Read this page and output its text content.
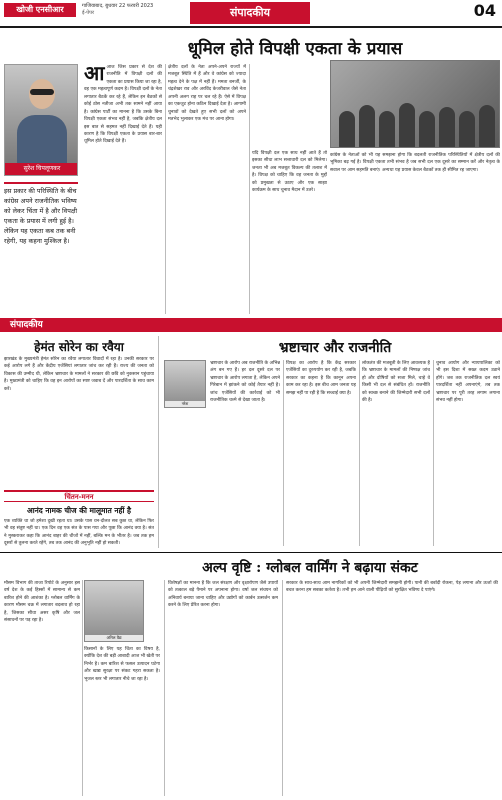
खोजी एनसीआर	गाजियाबाद, बुधवार 22 फरवरी 2023
ई-पेपर	संपादकीय	04
धूमिल होते विपक्षी एकता के प्रयास
सुरेश चिपलूणकर
इस प्रकार की परिस्थिति के बीच कांग्रेस अपने राजनीतिक भविष्य को लेकर चिंता में है और विपक्षी एकता के प्रयास में लगी हुई है। लेकिन यह एकता कब तक बनी रहेगी, यह कहना मुश्किल है।
आआज जिस प्रकार से देश की राजनीति में विपक्षी दलों की एकता का प्रयास किया जा रहा है, वह एक महत्वपूर्ण कदम है। विपक्षी दलों के नेता लगातार बैठकें कर रहे हैं, लेकिन इन बैठकों से कोई ठोस नतीजा अभी तक सामने नहीं आया है। कांग्रेस पार्टी का मानना है कि उसके बिना विपक्षी एकता संभव नहीं है, जबकि क्षेत्रीय दल इस बात से सहमत नहीं दिखाई देते हैं। यही कारण है कि विपक्षी एकता के प्रयास बार-बार धूमिल होते दिखाई देते हैं।
क्षेत्रीय दलों के नेता अपने-अपने राज्यों में मजबूत स्थिति में हैं और वे कांग्रेस को ज्यादा महत्व देने के पक्ष में नहीं हैं। ममता बनर्जी, के चंद्रशेखर राव और अरविंद केजरीवाल जैसे नेता अपनी अलग राह पर चल रहे हैं। ऐसे में विपक्ष का एकजुट होना कठिन दिखाई देता है। आगामी चुनावों को देखते हुए सभी दलों को अपने मतभेद भुलाकर एक मंच पर आना होगा।
यदि विपक्षी दल एक साथ नहीं आते हैं तो इसका सीधा लाभ सत्ताधारी दल को मिलेगा। जनता भी अब मजबूत विकल्प की तलाश में है। विपक्ष को चाहिए कि वह जनता के मुद्दों को प्रमुखता से उठाए और एक साझा कार्यक्रम के साथ चुनाव मैदान में उतरे।
कांग्रेस के नेताओं को भी यह समझना होगा कि बदलती राजनीतिक परिस्थितियों में क्षेत्रीय दलों की भूमिका बढ़ गई है। विपक्षी एकता तभी संभव है जब सभी दल एक दूसरे का सम्मान करें और नेतृत्व के सवाल पर आम सहमति बनाएं। अन्यथा यह प्रयास केवल बैठकों तक ही सीमित रह जाएगा।
संपादकीय
हेमंत सोरेन का रवैया
झारखंड के मुख्यमंत्री हेमंत सोरेन का रवैया लगातार विवादों में रहा है। उनकी सरकार पर कई आरोप लगे हैं और केंद्रीय एजेंसियां लगातार जांच कर रही हैं। राज्य की जनता को विकास की उम्मीद थी, लेकिन भ्रष्टाचार के मामलों ने सरकार की छवि को नुकसान पहुंचाया है। मुख्यमंत्री को चाहिए कि वह इन आरोपों का स्पष्ट जवाब दें और पारदर्शिता के साथ काम करें।
चिंतन-मनन
आनंद नामक चीज की मालूमात नहीं है
एक व्यक्ति था जो हमेशा दुखी रहता था। उसके पास धन-दौलत सब कुछ था, लेकिन फिर भी वह संतुष्ट नहीं था। एक दिन वह एक संत के पास गया और पूछा कि आनंद क्या है। संत ने मुस्कराकर कहा कि आनंद बाहर की चीजों में नहीं, बल्कि मन के भीतर है। जब तक हम दूसरों से तुलना करते रहेंगे, तब तक आनंद की अनुभूति नहीं हो सकती।
भ्रष्टाचार और राजनीति
नरेश
भ्रष्टाचार के आरोप अब राजनीति के अभिन्न अंग बन गए हैं। हर दल दूसरे दल पर भ्रष्टाचार के आरोप लगाता है, लेकिन अपने गिरेबान में झांकने को कोई तैयार नहीं है। जांच एजेंसियों की कार्रवाई को भी राजनीतिक चश्मे से देखा जाता है।
विपक्ष का आरोप है कि केंद्र सरकार एजेंसियों का दुरुपयोग कर रही है, जबकि सरकार का कहना है कि कानून अपना काम कर रहा है। इस बीच आम जनता यह समझ नहीं पा रही है कि सच्चाई क्या है।
लोकतंत्र की मजबूती के लिए आवश्यक है कि भ्रष्टाचार के मामलों की निष्पक्ष जांच हो और दोषियों को सजा मिले, चाहे वे किसी भी दल से संबंधित हों। राजनीति को स्वच्छ बनाने की जिम्मेदारी सभी दलों की है।
चुनाव आयोग और न्यायपालिका को भी इस दिशा में सख्त कदम उठाने होंगे। जब तक राजनीतिक दल स्वयं पारदर्शिता नहीं अपनाएंगे, तब तक भ्रष्टाचार पर पूरी तरह लगाम लगाना संभव नहीं होगा।
अल्प वृष्टि : ग्लोबल वार्मिंग ने बढ़ाया संकट
अनिल वैद्य
मौसम विभाग की ताजा रिपोर्ट के अनुसार इस वर्ष देश के कई हिस्सों में सामान्य से कम बारिश होने की आशंका है। ग्लोबल वार्मिंग के कारण मौसम चक्र में लगातार बदलाव हो रहा है, जिसका सीधा असर कृषि और जल संसाधनों पर पड़ रहा है।
किसानों के लिए यह चिंता का विषय है, क्योंकि देश की बड़ी आबादी आज भी खेती पर निर्भर है। कम बारिश से फसल उत्पादन घटेगा और खाद्य सुरक्षा पर संकट गहरा सकता है। भूजल स्तर भी लगातार नीचे जा रहा है।
विशेषज्ञों का मानना है कि जल संरक्षण और वृक्षारोपण जैसे उपायों को तत्काल बड़े पैमाने पर अपनाना होगा। वर्षा जल संचयन को अनिवार्य बनाया जाना चाहिए और उद्योगों को कार्बन उत्सर्जन कम करने के लिए प्रेरित करना होगा।
सरकार के साथ-साथ आम नागरिकों को भी अपनी जिम्मेदारी समझनी होगी। पानी की बर्बादी रोकना, पेड़ लगाना और ऊर्जा की बचत करना हम सबका कर्तव्य है। तभी हम आने वाली पीढ़ियों को सुरक्षित भविष्य दे पाएंगे।
